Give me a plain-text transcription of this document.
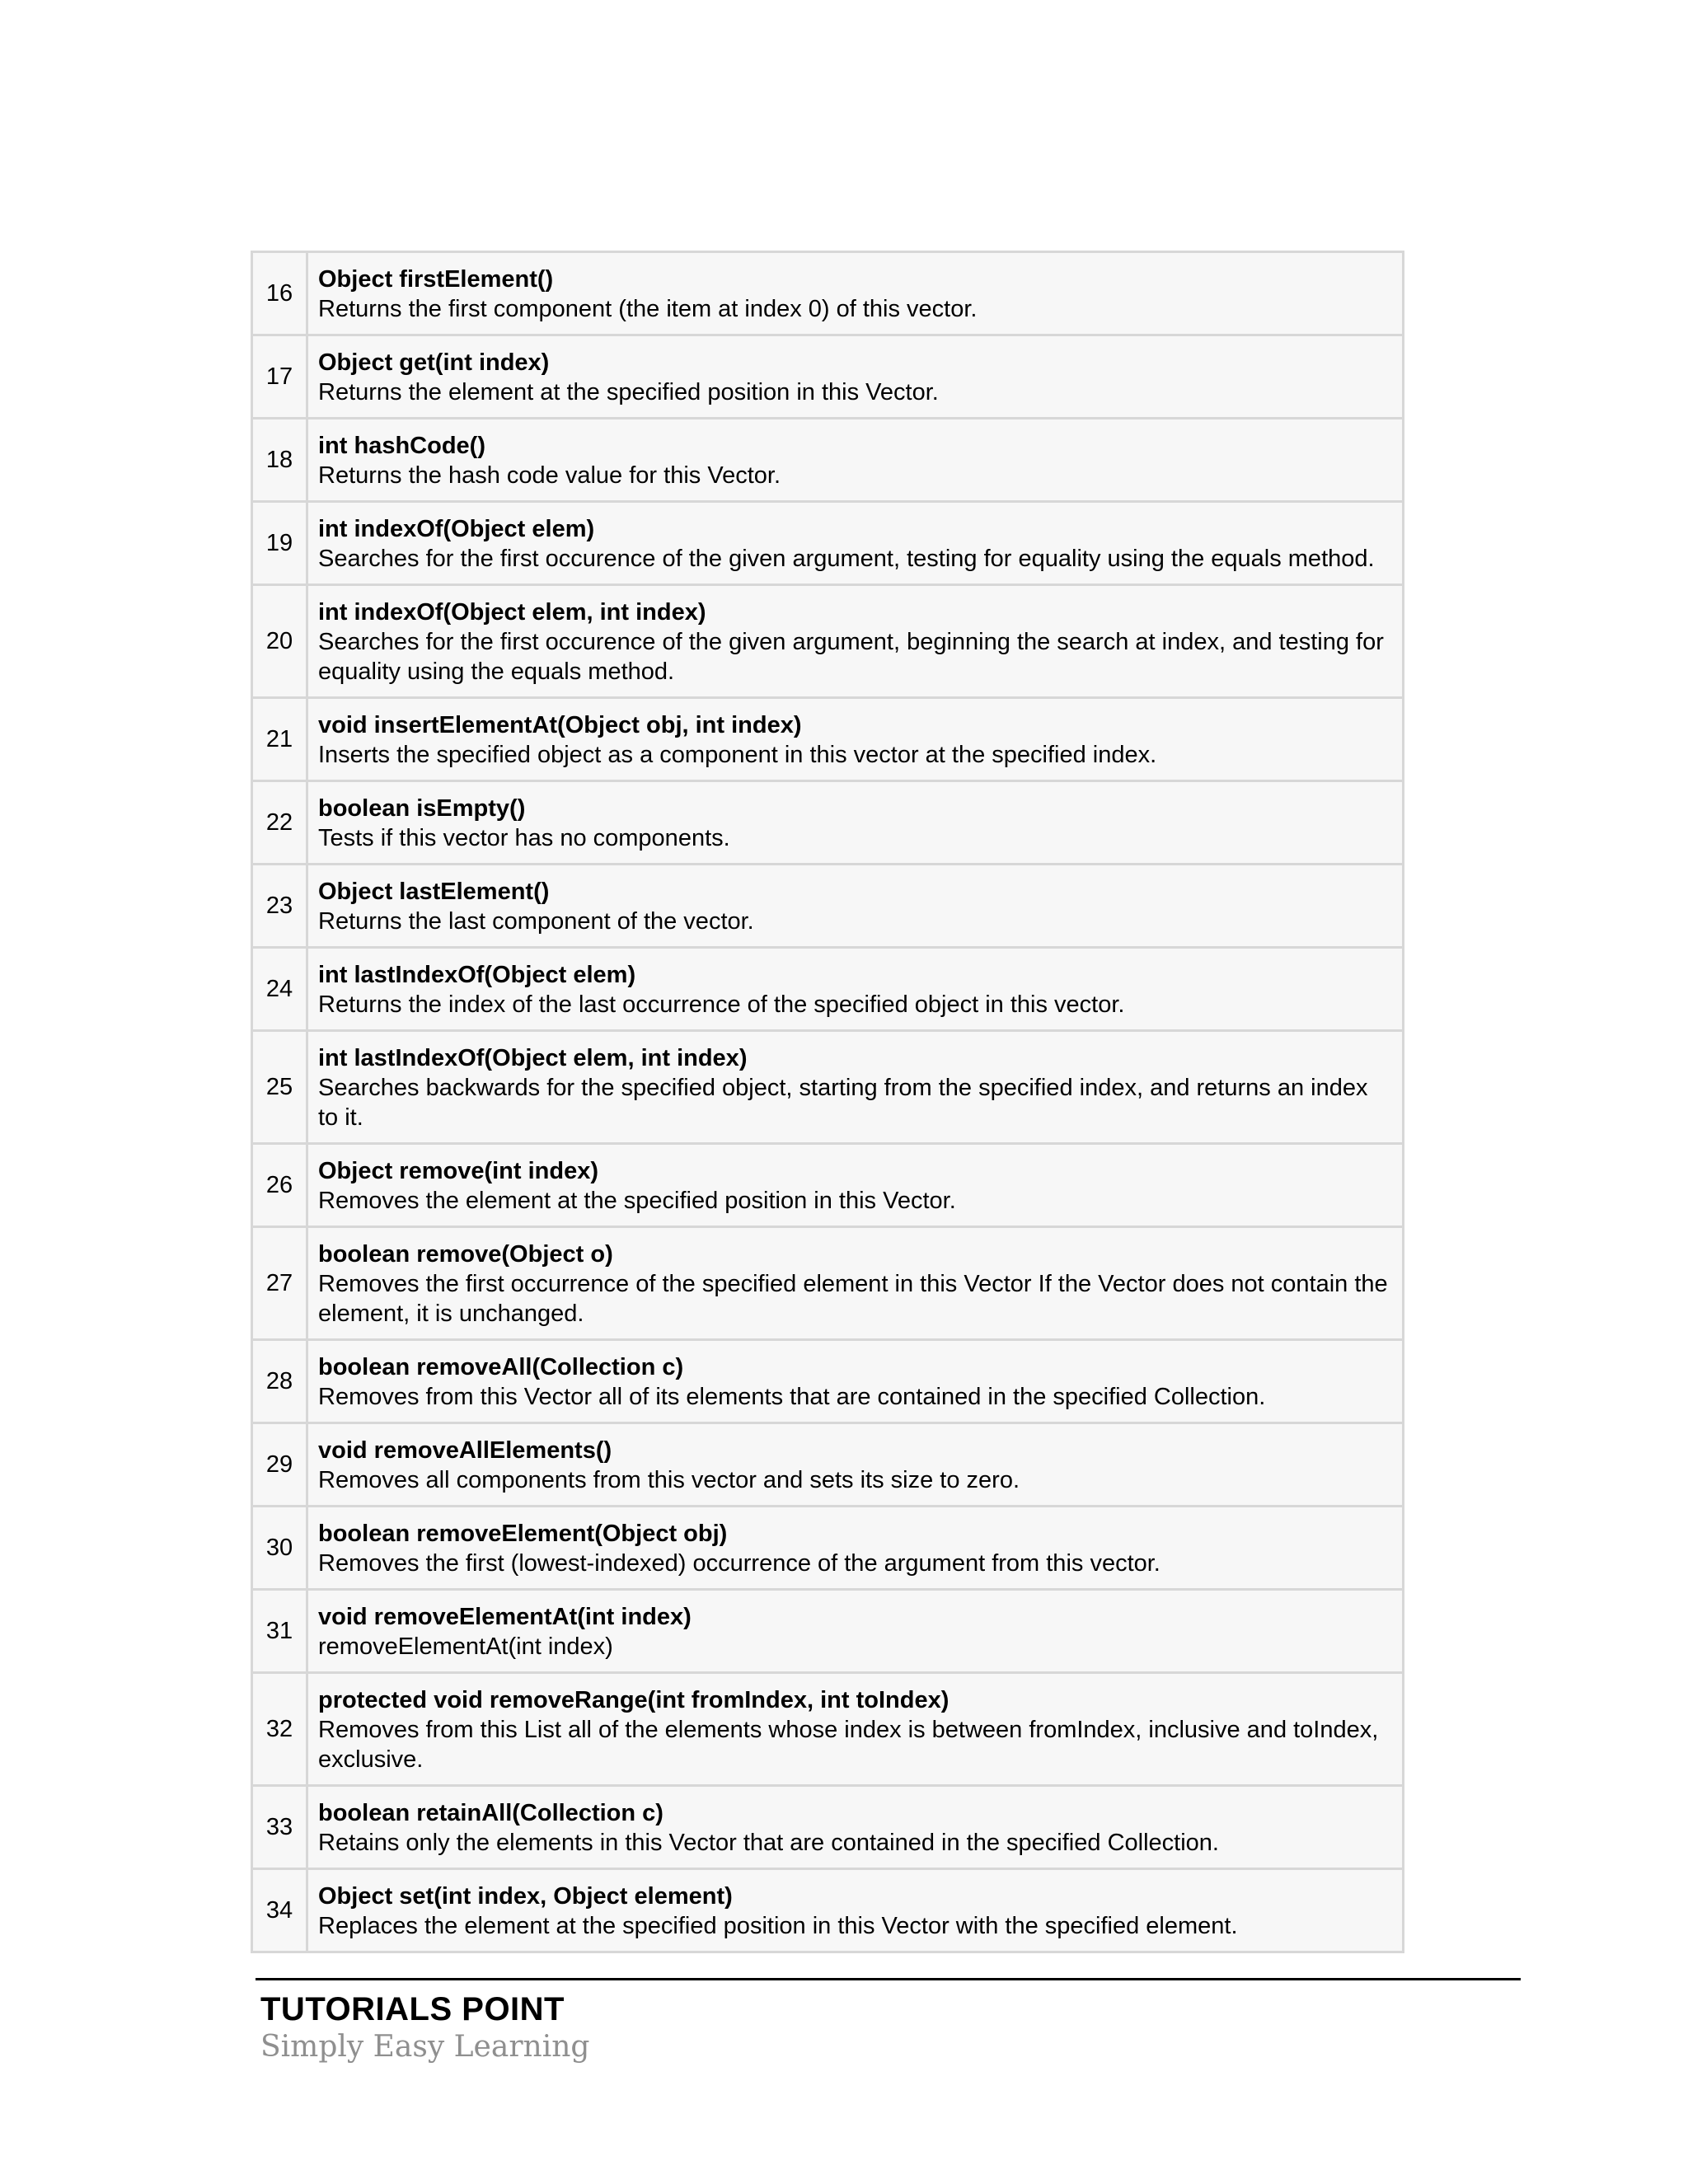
16	Object firstElement()
Returns the first component (the item at index 0) of this vector.

17	Object get(int index)
Returns the element at the specified position in this Vector.

18	int hashCode()
Returns the hash code value for this Vector.

19	int indexOf(Object elem)
Searches for the first occurence of the given argument, testing for equality using the equals method.

20	int indexOf(Object elem, int index)
Searches for the first occurence of the given argument, beginning the search at index, and testing for equality using the equals method.

21	void insertElementAt(Object obj, int index)
Inserts the specified object as a component in this vector at the specified index.

22	boolean isEmpty()
Tests if this vector has no components.

23	Object lastElement()
Returns the last component of the vector.

24	int lastIndexOf(Object elem)
Returns the index of the last occurrence of the specified object in this vector.

25	int lastIndexOf(Object elem, int index)
Searches backwards for the specified object, starting from the specified index, and returns an index to it.

26	Object remove(int index)
Removes the element at the specified position in this Vector.

27	boolean remove(Object o)
Removes the first occurrence of the specified element in this Vector If the Vector does not contain the element, it is unchanged.

28	boolean removeAll(Collection c)
Removes from this Vector all of its elements that are contained in the specified Collection.

29	void removeAllElements()
Removes all components from this vector and sets its size to zero.

30	boolean removeElement(Object obj)
Removes the first (lowest-indexed) occurrence of the argument from this vector.

31	void removeElementAt(int index)
removeElementAt(int index)

32	protected void removeRange(int fromIndex, int toIndex)
Removes from this List all of the elements whose index is between fromIndex, inclusive and toIndex, exclusive.

33	boolean retainAll(Collection c)
Retains only the elements in this Vector that are contained in the specified Collection.

34	Object set(int index, Object element)
Replaces the element at the specified position in this Vector with the specified element.
TUTORIALS POINT
Simply Easy Learning
